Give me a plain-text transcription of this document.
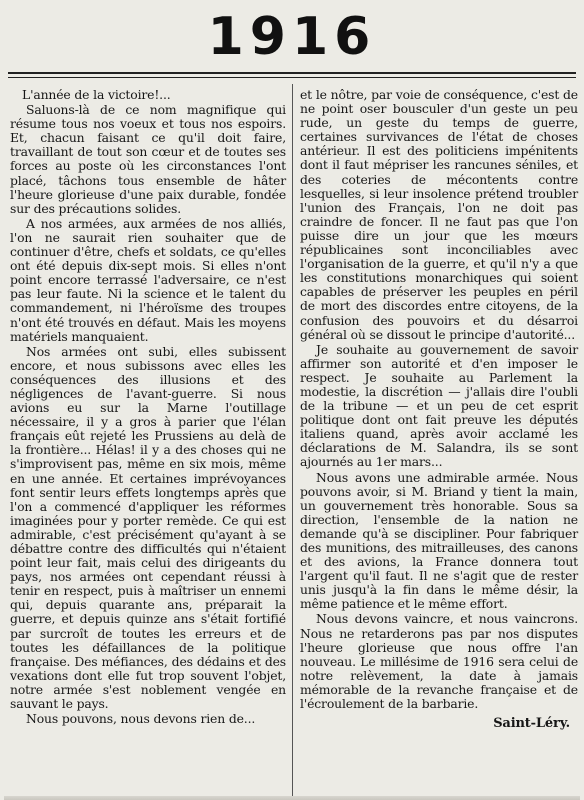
1916

L'année de la victoire!...

Saluons-là de ce nom magnifique qui résume tous nos voeux et tous nos espoirs. Et, chacun faisant ce qu'il doit faire, travaillant de tout son cœur et de toutes ses forces au poste où les circonstances l'ont placé, tâchons tous ensemble de hâter l'heure glorieuse d'une paix durable, fondée sur des précautions solides.

A nos armées, aux armées de nos alliés, l'on ne saurait rien souhaiter que de continuer d'être, chefs et soldats, ce qu'elles ont été depuis dix-sept mois. Si elles n'ont point encore terrassé l'adversaire, ce n'est pas leur faute. Ni la science et le talent du commandement, ni l'héroïsme des troupes n'ont été trouvés en défaut. Mais les moyens matériels manquaient.

Nos armées ont subi, elles subissent encore, et nous subissons avec elles les conséquences des illusions et des négligences de l'avant-guerre. Si nous avions eu sur la Marne l'outillage nécessaire, il y a gros à parier que l'élan français eût rejeté les Prussiens au delà de la frontière... Hélas! il y a des choses qui ne s'improvisent pas, même en six mois, même en une année. Et certaines imprévoyances font sentir leurs effets longtemps après que l'on a commencé d'appliquer les réformes imaginées pour y porter remède. Ce qui est admirable, c'est précisément qu'ayant à se débattre contre des difficultés qui n'étaient point leur fait, mais celui des dirigeants du pays, nos armées ont cependant réussi à tenir en respect, puis à maîtriser un ennemi qui, depuis quarante ans, préparait la guerre, et depuis quinze ans s'était fortifié par surcroît de toutes les erreurs et de toutes les défaillances de la politique française. Des méfiances, des dédains et des vexations dont elle fut trop souvent l'objet, notre armée s'est noblement vengée en sauvant le pays.

Nous pouvons, nous devons rien de...

et le nôtre, par voie de conséquence, c'est de ne point oser bousculer d'un geste un peu rude, un geste du temps de guerre, certaines survivances de l'état de choses antérieur. Il est des politiciens impénitents dont il faut mépriser les rancunes séniles, et des coteries de mécontents contre lesquelles, si leur insolence prétend troubler l'union des Français, l'on ne doit pas craindre de foncer. Il ne faut pas que l'on puisse dire un jour que les mœurs républicaines sont inconciliables avec l'organisation de la guerre, et qu'il n'y a que les constitutions monarchiques qui soient capables de préserver les peuples en péril de mort des discordes entre citoyens, de la confusion des pouvoirs et du désarroi général où se dissout le principe d'autorité...

Je souhaite au gouvernement de savoir affirmer son autorité et d'en imposer le respect. Je souhaite au Parlement la modestie, la discrétion — j'allais dire l'oubli de la tribune — et un peu de cet esprit politique dont ont fait preuve les députés italiens quand, après avoir acclamé les déclarations de M. Salandra, ils se sont ajournés au 1er mars...

Nous avons une admirable armée. Nous pouvons avoir, si M. Briand y tient la main, un gouvernement très honorable. Sous sa direction, l'ensemble de la nation ne demande qu'à se discipliner. Pour fabriquer des munitions, des mitrailleuses, des canons et des avions, la France donnera tout l'argent qu'il faut. Il ne s'agit que de rester unis jusqu'à la fin dans le même désir, la même patience et le même effort.

Nous devons vaincre, et nous vaincrons. Nous ne retarderons pas par nos disputes l'heure glorieuse que nous offre l'an nouveau. Le millésime de 1916 sera celui de notre relèvement, la date à jamais mémorable de la revanche française et de l'écroulement de la barbarie.

Saint-Léry.
